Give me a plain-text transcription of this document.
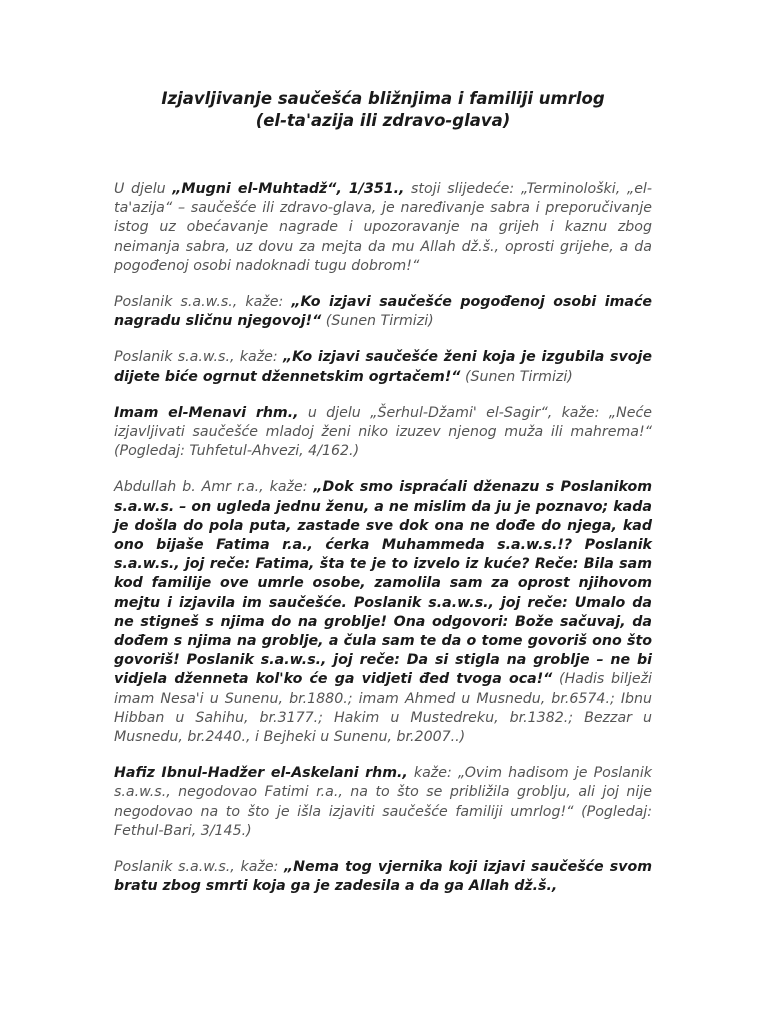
Izjavljivanje saučešća bližnjima i familiji umrlog
(el-ta'azija ili zdravo-glava)

U djelu „Mugni el-Muhtadž“, 1/351., stoji slijedeće: „Terminološki, „el-ta'azija“ – saučešće ili zdravo-glava, je naređivanje sabra i preporučivanje istog uz obećavanje nagrade i upozoravanje na grijeh i kaznu zbog neimanja sabra, uz dovu za mejta da mu Allah dž.š., oprosti grijehe, a da pogođenoj osobi nadoknadi tugu dobrom!“

Poslanik s.a.w.s., kaže: „Ko izjavi saučešće pogođenoj osobi imaće nagradu sličnu njegovoj!“ (Sunen Tirmizi)

Poslanik s.a.w.s., kaže: „Ko izjavi saučešće ženi koja je izgubila svoje dijete biće ogrnut džennetskim ogrtačem!“ (Sunen Tirmizi)

Imam el-Menavi rhm., u djelu „Šerhul-Džami' el-Sagir“, kaže: „Neće izjavljivati saučešće mladoj ženi niko izuzev njenog muža ili mahrema!“ (Pogledaj: Tuhfetul-Ahvezi, 4/162.)

Abdullah b. Amr r.a., kaže: „Dok smo ispraćali dženazu s Poslanikom s.a.w.s. – on ugleda jednu ženu, a ne mislim da ju je poznavo; kada je došla do pola puta, zastade sve dok ona ne dođe do njega, kad ono bijaše Fatima r.a., ćerka Muhammeda s.a.w.s.!? Poslanik s.a.w.s., joj reče: Fatima, šta te je to izvelo iz kuće? Reče: Bila sam kod familije ove umrle osobe, zamolila sam za oprost njihovom mejtu i izjavila im saučešće. Poslanik s.a.w.s., joj reče: Umalo da ne stigneš s njima do na groblje! Ona odgovori: Bože sačuvaj, da dođem s njima na groblje, a čula sam te da o tome govoriš ono što govoriš! Poslanik s.a.w.s., joj reče: Da si stigla na groblje – ne bi vidjela dženneta kol'ko će ga vidjeti đed tvoga oca!“ (Hadis bilježi imam Nesa'i u Sunenu, br.1880.; imam Ahmed u Musnedu, br.6574.; Ibnu Hibban u Sahihu, br.3177.; Hakim u Mustedreku, br.1382.; Bezzar u Musnedu, br.2440., i Bejheki u Sunenu, br.2007..)

Hafiz Ibnul-Hadžer el-Askelani rhm., kaže: „Ovim hadisom je Poslanik s.a.w.s., negodovao Fatimi r.a., na to što se približila groblju, ali joj nije negodovao na to što je išla izjaviti saučešće familiji umrlog!“ (Pogledaj: Fethul-Bari, 3/145.)

Poslanik s.a.w.s., kaže: „Nema tog vjernika koji izjavi saučešće svom bratu zbog smrti koja ga je zadesila a da ga Allah dž.š.,
